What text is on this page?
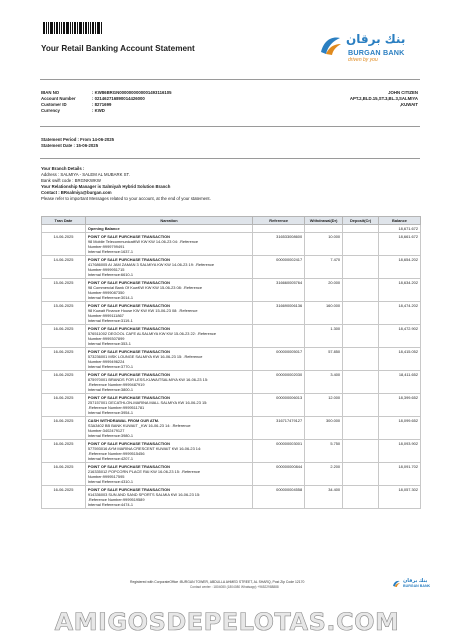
Your Retail Banking Account Statement
بنك برقان
BURGAN BANK
driven by you
IBAN NO	: KW86BRGN0000000000001493116105
Account Number	: 021462716890014426000
Customer ID	: 8271699
Currency	: KWD
JOHN CITIZEN
APT.2,BLD.15,ST.3,BL.3,SALMIYA
,KUWAIT
Statement Period : From 14-06-2025
Statement Date : 15-06-2025
Your Branch Details :
Address : SALMIYA - SALEM AL MUBARK ST.
Bank swift code : BRGNKWKW
Your Relationship Manager is Salmiyah Hybrid Solution Branch
Contact : BRsalmiya@burgan.com
Please refer to important Messages related to your account, at the end of your statement.
Tran Date	Narration	Reference	Withdrawal(Dr)	Deposit(Cr)	Balance

	Opening Balance				18,671.672
14-06-2025	POINT OF SALE PURCHASE TRANSACTION
98 Mobile TelecommunicatKW KW KW 14-06-23 04: .Reference
Number:9999799491
Internal Reference:1637-1	316533008600	10.000		18,661.672
14-06-2025	POINT OF SALE PURCHASE TRANSACTION
417686005 AI JAM ZAMAN 3 SALMIYA KW KW 14-06-23 19: .Reference
Number:9999951715
Internal Reference:6610-1	000000002417	7.470		18,654.202
15-06-2025	POINT OF SALE PURCHASE TRANSACTION
98 Commercial Bank Of KuwKW KW KW 15-06-23 08: .Reference
Number:9999087350
Internal Reference:3014-1	316660005764	20.000		18,634.202
15-06-2025	POINT OF SALE PURCHASE TRANSACTION
98 Kuwait Finance House KW KW KW 15-06-23 08: .Reference
Number:9999111867
Internal Reference:3119-1	316690006136	160.000		18,474.202
16-06-2025	POINT OF SALE PURCHASE TRANSACTION
576511002 DEGOOL CAFE ALSALMIYA KW KW 15-06-23 22: .Reference
Number:9999307899
Internal Reference:353-1		1.300		18,472.902
16-06-2025	POINT OF SALE PURCHASE TRANSACTION
573236001 MSK LOUNGE SALMIYA KW 16-06-23 15: .Reference
Number:9999496224
Internal Reference:3770-1	000000005017	57.850		18,415.052
16-06-2025	POINT OF SALE PURCHASE TRANSACTION
875970001 BRANDS FOR LESS-KUWAITSALMIYA KW 16-06-23 15:
.Reference Number:9999487919
Internal Reference:3800-1	000000002030	3.400		18,411.652
16-06-2025	POINT OF SALE PURCHASE TRANSACTION
257157001 DECATHLON-MARINA MALL SALMIYA KW 16-06-23 15:
.Reference Number:9999511781
Internal Reference:3954-1	000000006013	12.000		18,399.652
16-06-2025	CASH WITHDRAWAL FROM OUR ATM.
S3A3402 BB BANK KUWAIT _KW 16-06-23 14: .Reference
Number:3402479127
Internal Reference:3980-1	316717479127	300.000		18,099.652
16-06-2025	POINT OF SALE PURCHASE TRANSACTION
577593016 AYM MARINA CRESCENT KUWAIT KW 16-06-23 14:
.Reference Number:9999515456
Internal Reference:4207-1	000000003001	5.750		18,093.902
16-06-2025	POINT OF SALE PURCHASE TRANSACTION
216335012 POPCORN PLACE RAI KW 16-06-23 15: .Reference
Number:9999517595
Internal Reference:4310-1	000000000844	2.200		18,091.702
16-06-2025	POINT OF SALE PURCHASE TRANSACTION
914336003 SUN AND SAND SPORTS SALMIA KW 16-06-23 15:
.Reference Number:9999519589
Internal Reference:4474-1	000000004558	34.400		18,057.302
Registered with CorporateOffice :BURGAN TOWER, ABDULLA AHMED STREET, AL SHARQ, Post Zip Code 12170
Contact center : 1804080 (1804080 Whatsapp) +96522988888
بنك برقان
BURGAN BANK
AMIGOSDEPELOTAS.COM
